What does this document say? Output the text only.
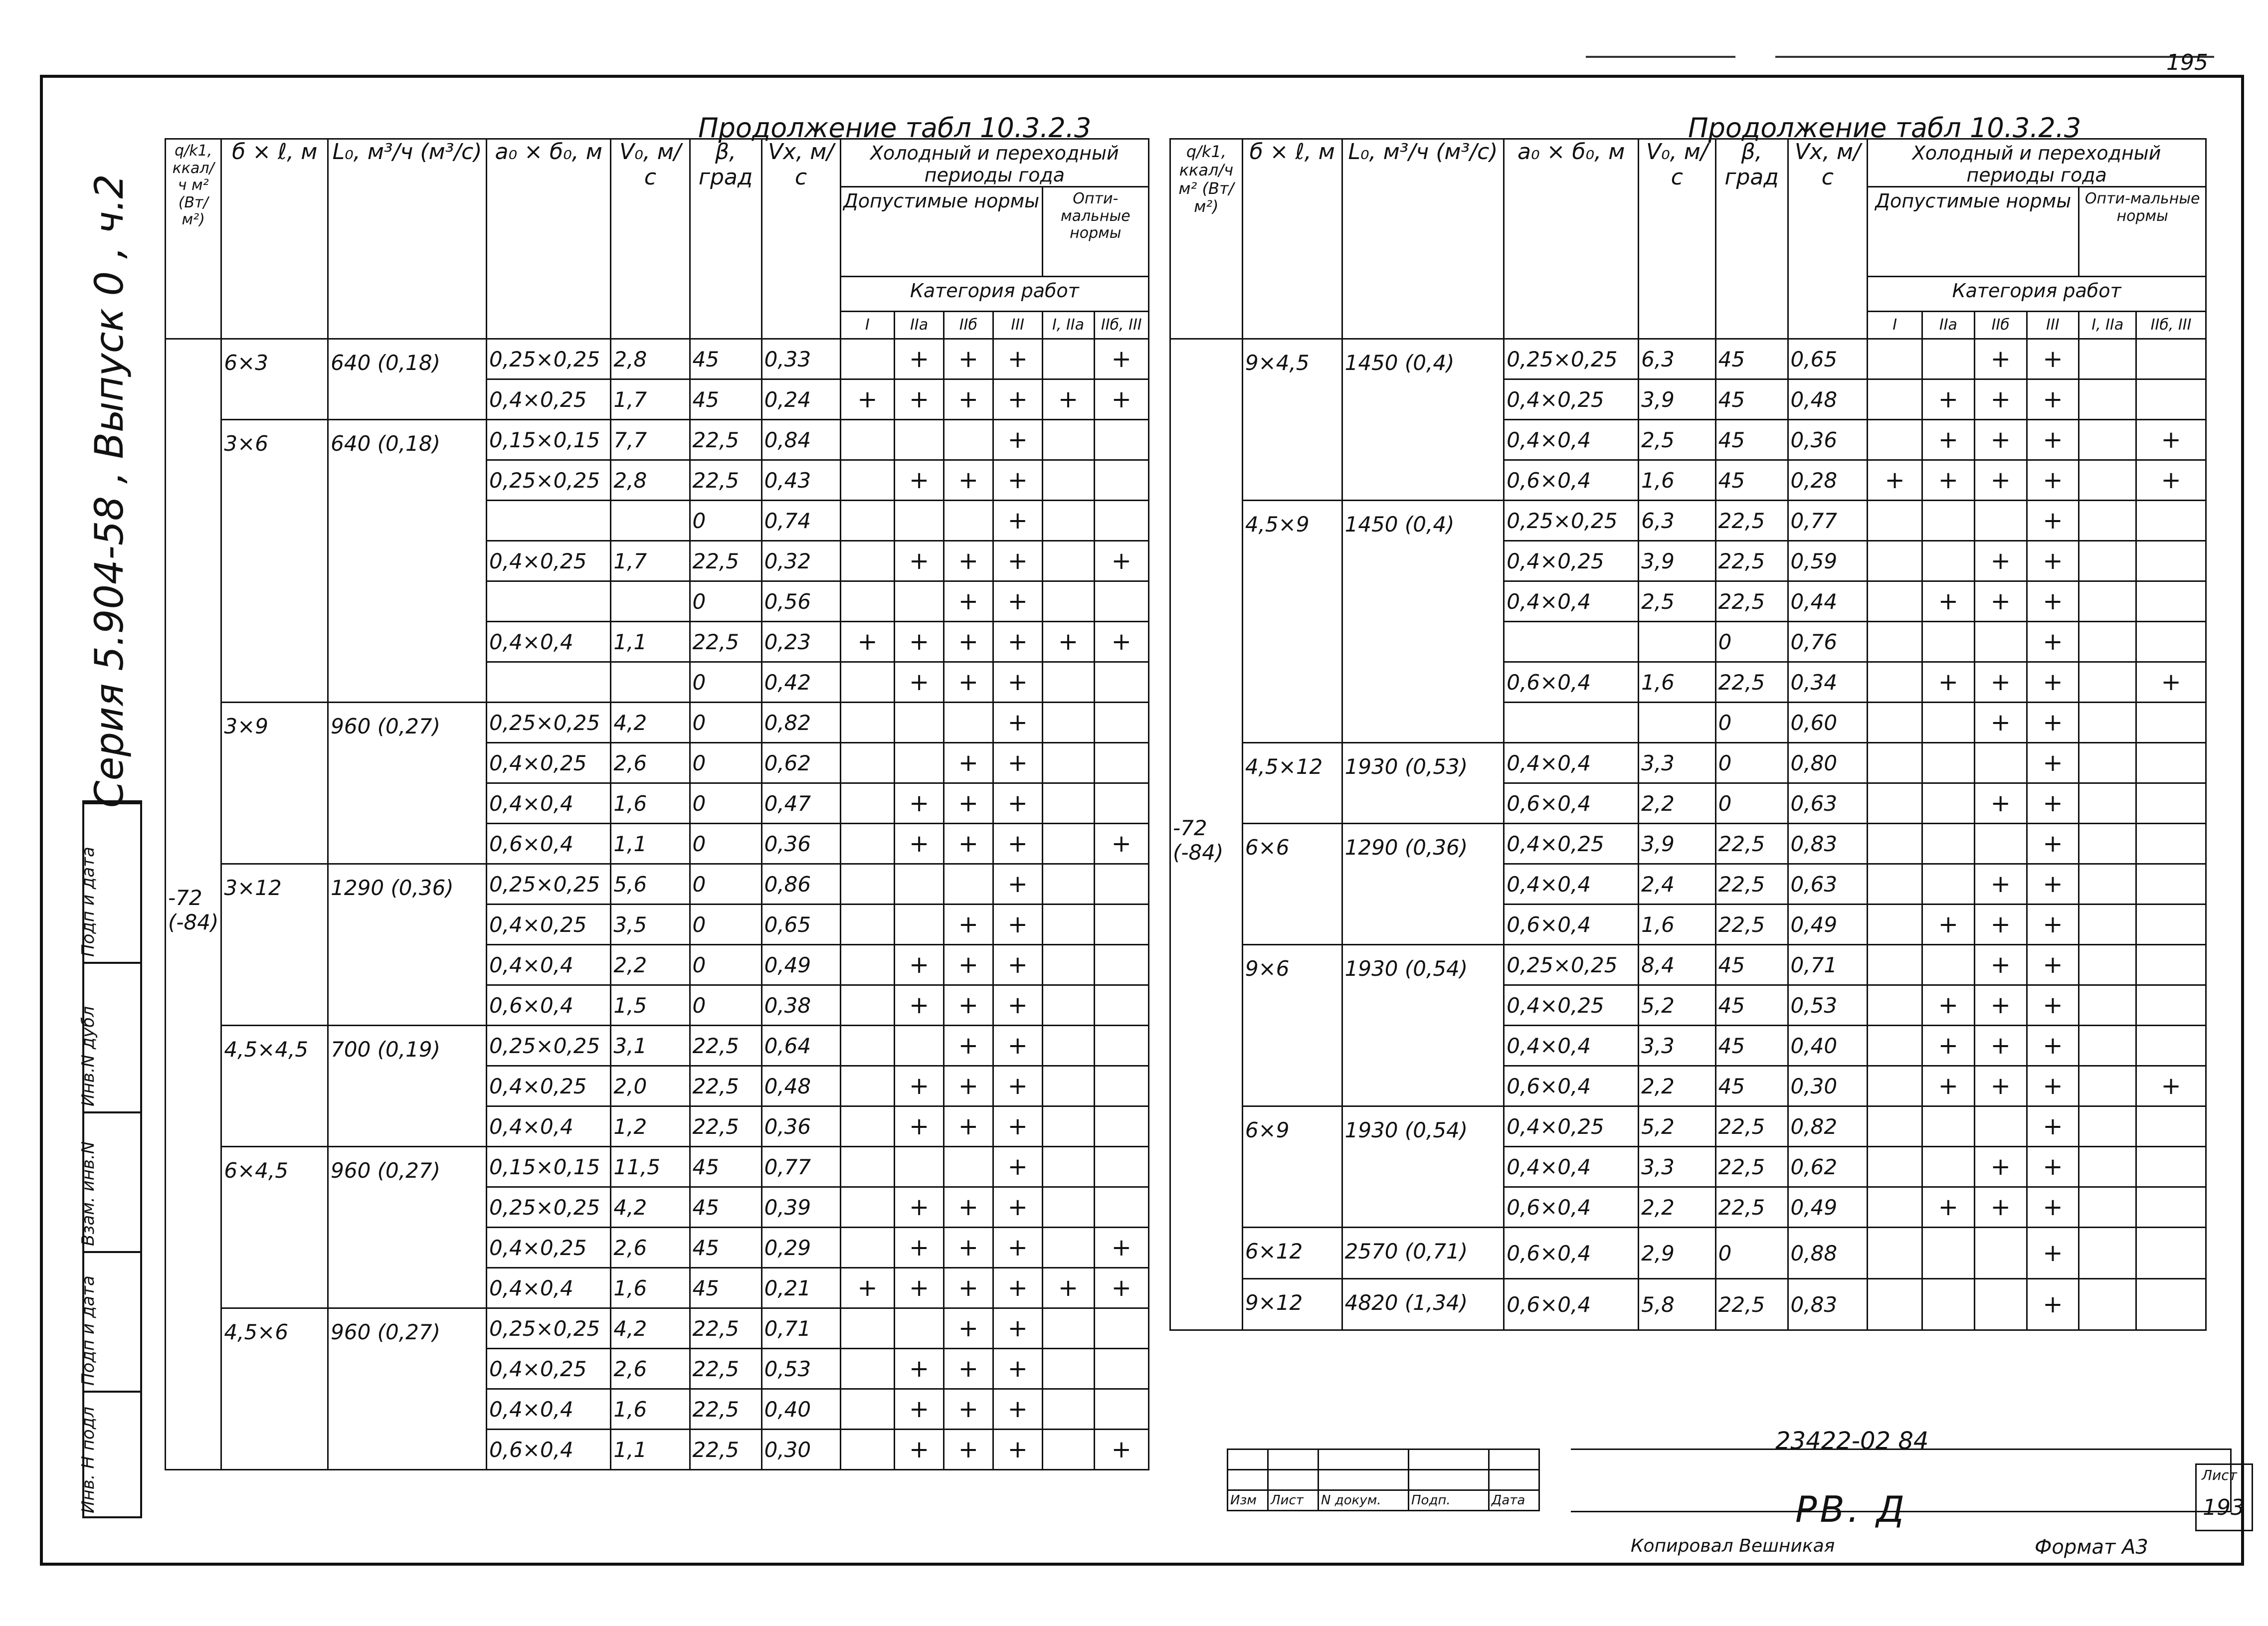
195
Серия 5.904-58 , Выпуск 0 , ч.2
Инв. Н подл
Подп и дата
Взам. инв.N
Инв.N дубл
Подп и дата
Продолжение табл 10.3.2.3
q/k1, ккал/ч м² (Вт/м²)	б × ℓ, м	L₀, м³/ч (м³/с)	a₀ × б₀, м	V₀, м/с	β, град	Vx, м/с	Холодный и переходный периоды года					
							Допустимые нормы				Опти-мальные нормы	
							Категория работ					
							I	IIа	IIб	III	I, IIа	IIб, III
-72 (-84)	6×3	640 (0,18)	0,25×0,25	2,8	45	0,33		+	+	+		+
			0,4×0,25	1,7	45	0,24	+	+	+	+	+	+
	3×6	640 (0,18)	0,15×0,15	7,7	22,5	0,84				+		
			0,25×0,25	2,8	22,5	0,43		+	+	+		
					0	0,74				+		
			0,4×0,25	1,7	22,5	0,32		+	+	+		+
					0	0,56			+	+		
			0,4×0,4	1,1	22,5	0,23	+	+	+	+	+	+
					0	0,42		+	+	+		
	3×9	960 (0,27)	0,25×0,25	4,2	0	0,82				+		
			0,4×0,25	2,6	0	0,62			+	+		
			0,4×0,4	1,6	0	0,47		+	+	+		
			0,6×0,4	1,1	0	0,36		+	+	+		+
	3×12	1290 (0,36)	0,25×0,25	5,6	0	0,86				+		
			0,4×0,25	3,5	0	0,65			+	+		
			0,4×0,4	2,2	0	0,49		+	+	+		
			0,6×0,4	1,5	0	0,38		+	+	+		
	4,5×4,5	700 (0,19)	0,25×0,25	3,1	22,5	0,64			+	+		
			0,4×0,25	2,0	22,5	0,48		+	+	+		
			0,4×0,4	1,2	22,5	0,36		+	+	+		
	6×4,5	960 (0,27)	0,15×0,15	11,5	45	0,77				+		
			0,25×0,25	4,2	45	0,39		+	+	+		
			0,4×0,25	2,6	45	0,29		+	+	+		+
			0,4×0,4	1,6	45	0,21	+	+	+	+	+	+
	4,5×6	960 (0,27)	0,25×0,25	4,2	22,5	0,71			+	+		
			0,4×0,25	2,6	22,5	0,53		+	+	+		
			0,4×0,4	1,6	22,5	0,40		+	+	+		
			0,6×0,4	1,1	22,5	0,30		+	+	+		+
Продолжение табл 10.3.2.3
q/k1, ккал/ч м² (Вт/м²)	б × ℓ, м	L₀, м³/ч (м³/с)	a₀ × б₀, м	V₀, м/с	β, град	Vx, м/с	Холодный и переходный периоды года					
							Допустимые нормы				Опти-мальные нормы	
							Категория работ					
							I	IIа	IIб	III	I, IIа	IIб, III
-72 (-84)	9×4,5	1450 (0,4)	0,25×0,25	6,3	45	0,65			+	+		
			0,4×0,25	3,9	45	0,48		+	+	+		
			0,4×0,4	2,5	45	0,36		+	+	+		+
			0,6×0,4	1,6	45	0,28	+	+	+	+		+
	4,5×9	1450 (0,4)	0,25×0,25	6,3	22,5	0,77				+		
			0,4×0,25	3,9	22,5	0,59			+	+		
			0,4×0,4	2,5	22,5	0,44		+	+	+		
					0	0,76				+		
			0,6×0,4	1,6	22,5	0,34		+	+	+		+
					0	0,60			+	+		
	4,5×12	1930 (0,53)	0,4×0,4	3,3	0	0,80				+		
			0,6×0,4	2,2	0	0,63			+	+		
	6×6	1290 (0,36)	0,4×0,25	3,9	22,5	0,83				+		
			0,4×0,4	2,4	22,5	0,63			+	+		
			0,6×0,4	1,6	22,5	0,49		+	+	+		
	9×6	1930 (0,54)	0,25×0,25	8,4	45	0,71			+	+		
			0,4×0,25	5,2	45	0,53		+	+	+		
			0,4×0,4	3,3	45	0,40		+	+	+		
			0,6×0,4	2,2	45	0,30		+	+	+		+
	6×9	1930 (0,54)	0,4×0,25	5,2	22,5	0,82				+		
			0,4×0,4	3,3	22,5	0,62			+	+		
			0,6×0,4	2,2	22,5	0,49		+	+	+		
	6×12	2570 (0,71)	0,6×0,4	2,9	0	0,88				+		
	9×12	4820 (1,34)	0,6×0,4	5,8	22,5	0,83				+		
23422-02 84

Изм	Лист	N докум.	Подп.	Дата	РВ. Д
Лист
193
Копировал Вешникая	Формат А3
